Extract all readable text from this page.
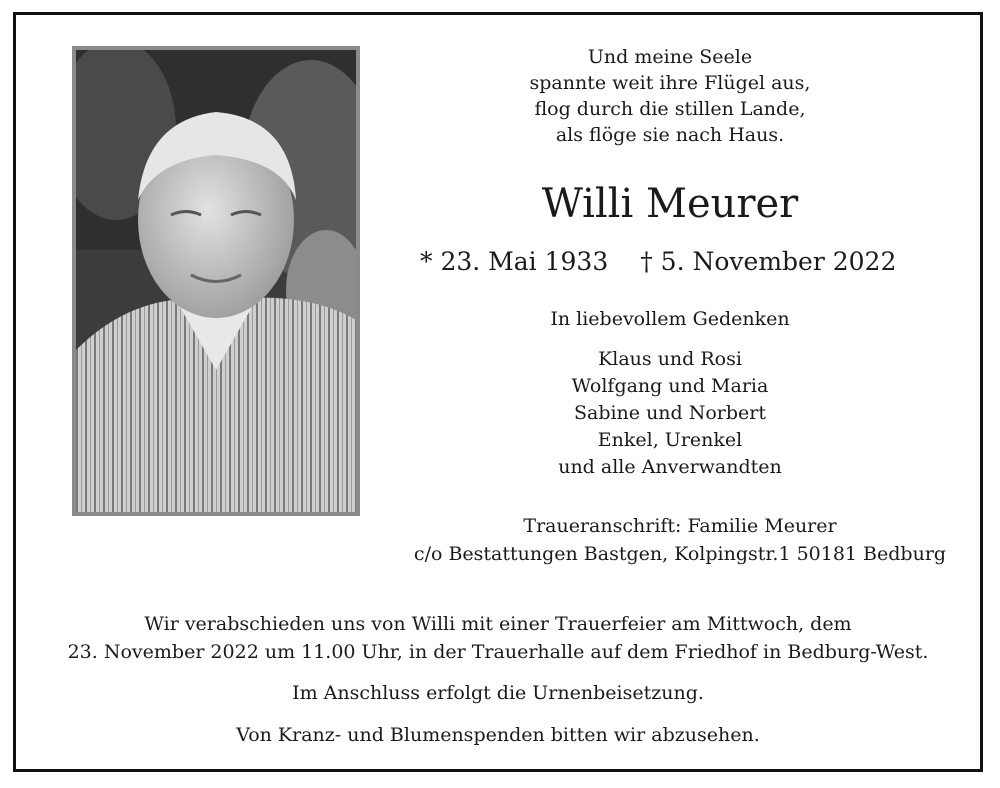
Und meine Seele
spannte weit ihre Flügel aus,
flog durch die stillen Lande,
als flöge sie nach Haus.
Willi Meurer
* 23. Mai 1933 † 5. November 2022
In liebevollem Gedenken
Klaus und Rosi
Wolfgang und Maria
Sabine und Norbert
Enkel, Urenkel
und alle Anverwandten
Traueranschrift: Familie Meurer
c/o Bestattungen Bastgen, Kolpingstr.1 50181 Bedburg
Wir verabschieden uns von Willi mit einer Trauerfeier am Mittwoch, dem
23. November 2022 um 11.00 Uhr, in der Trauerhalle auf dem Friedhof in Bedburg-West.
Im Anschluss erfolgt die Urnenbeisetzung.
Von Kranz- und Blumenspenden bitten wir abzusehen.
